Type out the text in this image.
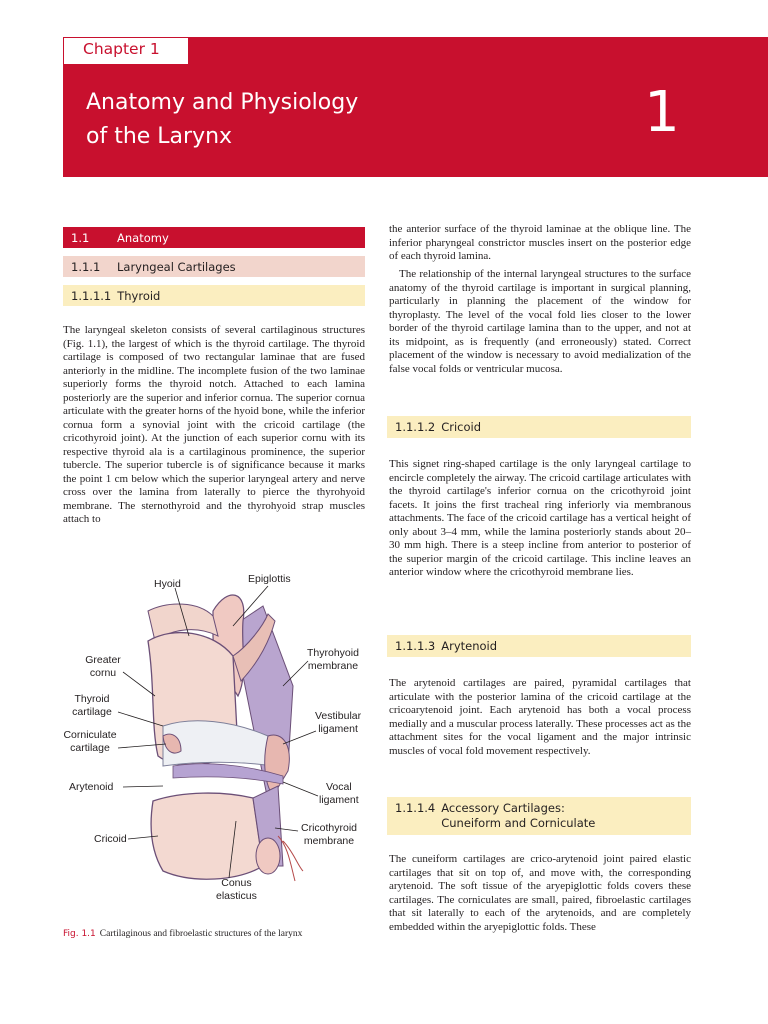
Chapter 1
Anatomy and Physiology
of the Larynx	1
1.1	Anatomy
1.1.1	Laryngeal Cartilages
1.1.1.1 Thyroid

The laryngeal skeleton consists of several cartilaginous structures (Fig. 1.1), the largest of which is the thyroid cartilage. The thyroid cartilage is composed of two rectangular laminae that are fused anteriorly in the midline. The incomplete fusion of the two laminae superiorly forms the thyroid notch. Attached to each lamina posteriorly are the superior and inferior cornua. The superior cornua articulate with the greater horns of the hyoid bone, while the inferior cornua form a synovial joint with the cricoid cartilage (the cricothyroid joint). At the junction of each superior cornu with its respective thyroid ala is a cartilaginous prominence, the superior tubercle. The superior tubercle is of significance because it marks the point 1 cm below which the superior laryngeal artery and nerve cross over the lamina from laterally to pierce the thyrohyoid membrane. The sternothyroid and the thyrohyoid strap muscles attach to

Hyoid	Epiglottis
Greater
cornu
Thyrohyoid
membrane
Thyroid
cartilage	Vestibular
ligament
Corniculate
cartilage
Arytenoid	Vocal
ligament
Cricothyroid
membrane
Cricoid
Conus
elasticus
Fig. 1.1 Cartilaginous and fibroelastic structures of the larynx

the anterior surface of the thyroid laminae at the oblique line. The inferior pharyngeal constrictor muscles insert on the posterior edge of each thyroid lamina.

The relationship of the internal laryngeal structures to the surface anatomy of the thyroid cartilage is important in surgical planning, particularly in planning the placement of the window for thyroplasty. The level of the vocal fold lies closer to the lower border of the thyroid cartilage lamina than to the upper, and not at its midpoint, as is frequently (and erroneously) stated. Correct placement of the window is necessary to avoid medialization of the false vocal folds or ventricular mucosa.

1.1.1.2 Cricoid

This signet ring-shaped cartilage is the only laryngeal cartilage to encircle completely the airway. The cricoid cartilage articulates with the thyroid cartilage's inferior cornua on the cricothyroid joint facets. It joins the first tracheal ring inferiorly via membranous attachments. The face of the cricoid cartilage has a vertical height of only about 3–4 mm, while the lamina posteriorly stands about 20–30 mm high. There is a steep incline from anterior to posterior of the superior margin of the cricoid cartilage. This incline leaves an anterior window where the cricothyroid membrane lies.

1.1.1.3 Arytenoid

The arytenoid cartilages are paired, pyramidal cartilages that articulate with the posterior lamina of the cricoid cartilage at the cricoarytenoid joint. Each arytenoid has both a vocal process medially and a muscular process laterally. These processes act as the attachment sites for the vocal ligament and the major intrinsic muscles of vocal fold movement respectively.

1.1.1.4 Accessory Cartilages:
Cuneiform and Corniculate

The cuneiform cartilages are crico-arytenoid joint paired elastic cartilages that sit on top of, and move with, the corresponding arytenoid. The soft tissue of the aryepiglottic folds covers these cartilages. The corniculates are small, paired, fibroelastic cartilages that sit laterally to each of the arytenoids, and are completely embedded within the aryepiglottic folds. These
